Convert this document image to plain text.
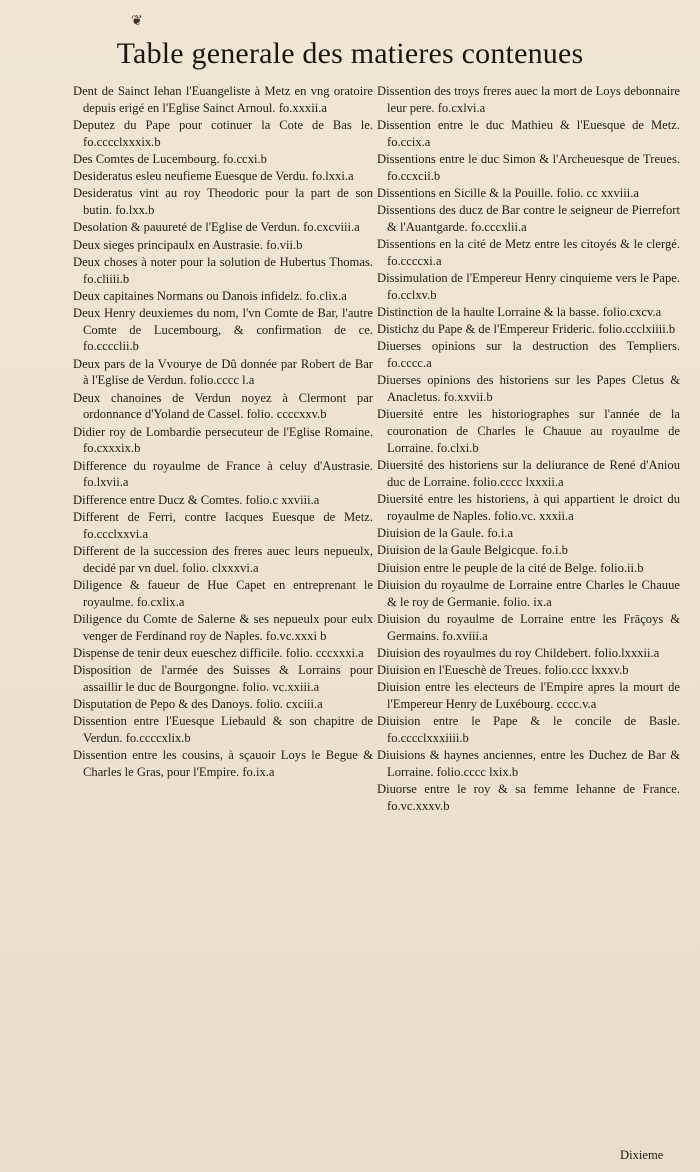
❦
Table generale des matieres contenues
Dent de Sainct Iehan l'Euangeliste à Metz en vng oratoire depuis erigé en l'Eglise Sainct Arnoul. fo.xxxii.a
Deputez du Pape pour cotinuer la Cote de Bas le. fo.cccclxxxix.b
Des Comtes de Lucembourg. fo.ccxi.b
Desideratus esleu neufieme Euesque de Verdu. fo.lxxi.a
Desideratus vint au roy Theodoric pour la part de son butin. fo.lxx.b
Desolation & pauureté de l'Eglise de Verdun. fo.cxcviii.a
Deux sieges principaulx en Austrasie. fo.vii.b
Deux choses à noter pour la solution de Hubertus Thomas. fo.cliiii.b
Deux capitaines Normans ou Danois infidelz. fo.clix.a
Deux Henry deuxiemes du nom, l'vn Comte de Bar, l'autre Comte de Lucembourg, & confirmation de ce. fo.cccclii.b
Deux pars de la Vvourye de Dû donnée par Robert de Bar à l'Eglise de Verdun. folio.cccc l.a
Deux chanoines de Verdun noyez à Clermont par ordonnance d'Yoland de Cassel. folio. ccccxxv.b
Didier roy de Lombardie persecuteur de l'Eglise Romaine. fo.cxxxix.b
Difference du royaulme de France à celuy d'Austrasie. fo.lxvii.a
Difference entre Ducz & Comtes. folio.c xxviii.a
Different de Ferri, contre Iacques Euesque de Metz. fo.ccclxxvi.a
Different de la succession des freres auec leurs nepueulx, decidé par vn duel. folio. clxxxvi.a
Diligence & faueur de Hue Capet en entreprenant le royaulme. fo.cxlix.a
Diligence du Comte de Salerne & ses nepueulx pour eulx venger de Ferdinand roy de Naples. fo.vc.xxxi b
Dispense de tenir deux eueschez difficile. folio. cccxxxi.a
Disposition de l'armée des Suisses & Lorrains pour assaillir le duc de Bourgongne. folio. vc.xxiii.a
Disputation de Pepo & des Danoys. folio. cxciii.a
Dissention entre l'Euesque Liebauld & son chapitre de Verdun. fo.ccccxlix.b
Dissention entre les cousins, à sçauoir Loys le Begue & Charles le Gras, pour l'Empire. fo.ix.a
Dissention des troys freres auec la mort de Loys debonnaire leur pere. fo.cxlvi.a
Dissention entre le duc Mathieu & l'Euesque de Metz. fo.ccix.a
Dissentions entre le duc Simon & l'Archeuesque de Treues. fo.ccxcii.b
Dissentions en Sicille & la Pouille. folio. cc xxviii.a
Dissentions des ducz de Bar contre le seigneur de Pierrefort & l'Auantgarde. fo.cccxlii.a
Dissentions en la cité de Metz entre les citoyés & le clergé. fo.ccccxi.a
Dissimulation de l'Empereur Henry cinquieme vers le Pape. fo.cclxv.b
Distinction de la haulte Lorraine & la basse. folio.cxcv.a
Distichz du Pape & de l'Empereur Frideric. folio.ccclxiiii.b
Diuerses opinions sur la destruction des Templiers. fo.cccc.a
Diuerses opinions des historiens sur les Papes Cletus & Anacletus. fo.xxvii.b
Diuersité entre les historiographes sur l'année de la couronation de Charles le Chauue au royaulme de Lorraine. fo.clxi.b
Diuersité des historiens sur la deliurance de René d'Aniou duc de Lorraine. folio.cccc lxxxii.a
Diuersité entre les historiens, à qui appartient le droict du royaulme de Naples. folio.vc. xxxii.a
Diuision de la Gaule. fo.i.a
Diuision de la Gaule Belgicque. fo.i.b
Diuision entre le peuple de la cité de Belge. folio.ii.b
Diuision du royaulme de Lorraine entre Charles le Chauue & le roy de Germanie. folio. ix.a
Diuision du royaulme de Lorraine entre les Frāçoys & Germains. fo.xviii.a
Diuision des royaulmes du roy Childebert. folio.lxxxii.a
Diuision en l'Eueschè de Treues. folio.ccc lxxxv.b
Diuision entre les electeurs de l'Empire apres la mourt de l'Empereur Henry de Luxébourg. cccc.v.a
Diuision entre le Pape & le concile de Basle. fo.cccclxxxiiii.b
Diuisions & haynes anciennes, entre les Duchez de Bar & Lorraine. folio.cccc lxix.b
Diuorse entre le roy & sa femme Iehanne de France. fo.vc.xxxv.b
Dixieme
